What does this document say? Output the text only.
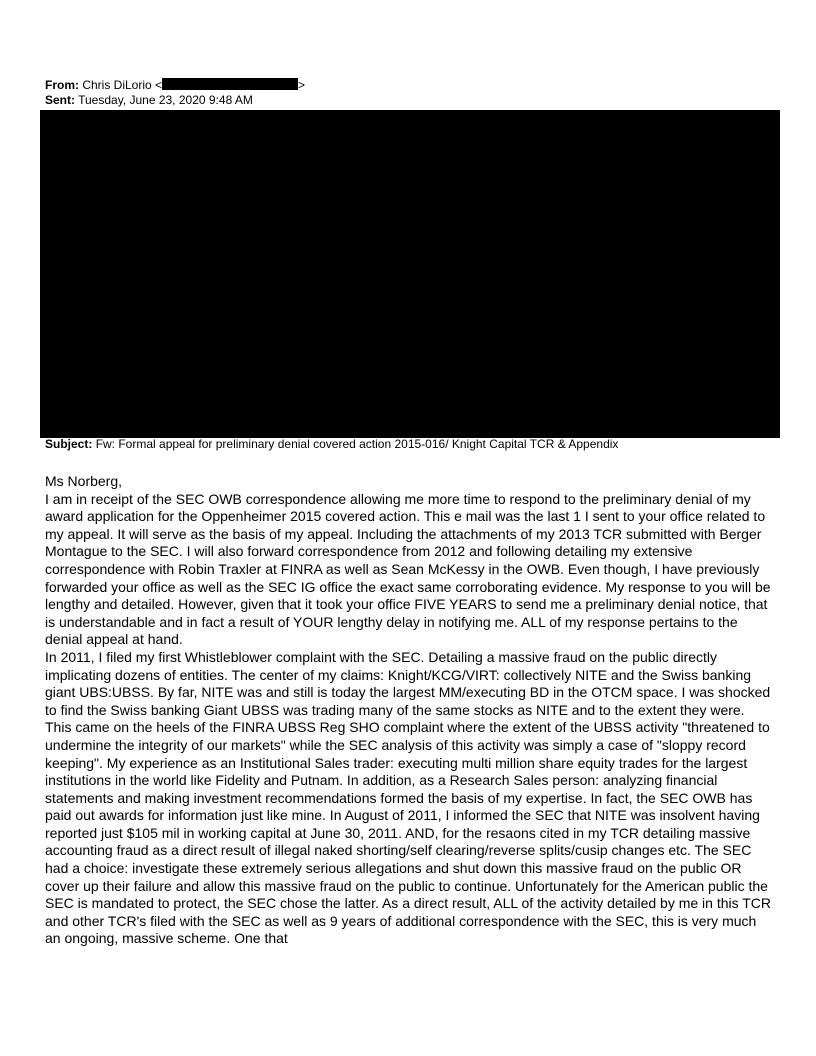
From: Chris DiLorio <	>
Sent: Tuesday, June 23, 2020 9:48 AM
Subject: Fw: Formal appeal for preliminary denial covered action 2015-016/ Knight Capital TCR & Appendix

Ms Norberg,

I am in receipt of the SEC OWB correspondence allowing me more time to respond to the preliminary denial of my award application for the Oppenheimer 2015 covered action. This e mail was the last 1 I sent to your office related to my appeal. It will serve as the basis of my appeal. Including the attachments of my 2013 TCR submitted with Berger Montague to the SEC. I will also forward correspondence from 2012 and following detailing my extensive correspondence with Robin Traxler at FINRA as well as Sean McKessy in the OWB. Even though, I have previously forwarded your office as well as the SEC IG office the exact same corroborating evidence. My response to you will be lengthy and detailed. However, given that it took your office FIVE YEARS to send me a preliminary denial notice, that is understandable and in fact a result of YOUR lengthy delay in notifying me. ALL of my response pertains to the denial appeal at hand.

In 2011, I filed my first Whistleblower complaint with the SEC. Detailing a massive fraud on the public directly implicating dozens of entities. The center of my claims: Knight/KCG/VIRT: collectively NITE and the Swiss banking giant UBS:UBSS. By far, NITE was and still is today the largest MM/executing BD in the OTCM space. I was shocked to find the Swiss banking Giant UBSS was trading many of the same stocks as NITE and to the extent they were. This came on the heels of the FINRA UBSS Reg SHO complaint where the extent of the UBSS activity "threatened to undermine the integrity of our markets" while the SEC analysis of this activity was simply a case of "sloppy record keeping". My experience as an Institutional Sales trader: executing multi million share equity trades for the largest institutions in the world like Fidelity and Putnam. In addition, as a Research Sales person: analyzing financial statements and making investment recommendations formed the basis of my expertise. In fact, the SEC OWB has paid out awards for information just like mine. In August of 2011, I informed the SEC that NITE was insolvent having reported just $105 mil in working capital at June 30, 2011. AND, for the resaons cited in my TCR detailing massive accounting fraud as a direct result of illegal naked shorting/self clearing/reverse splits/cusip changes etc. The SEC had a choice: investigate these extremely serious allegations and shut down this massive fraud on the public OR cover up their failure and allow this massive fraud on the public to continue. Unfortunately for the American public the SEC is mandated to protect, the SEC chose the latter. As a direct result, ALL of the activity detailed by me in this TCR and other TCR's filed with the SEC as well as 9 years of additional correspondence with the SEC, this is very much an ongoing, massive scheme. One that
